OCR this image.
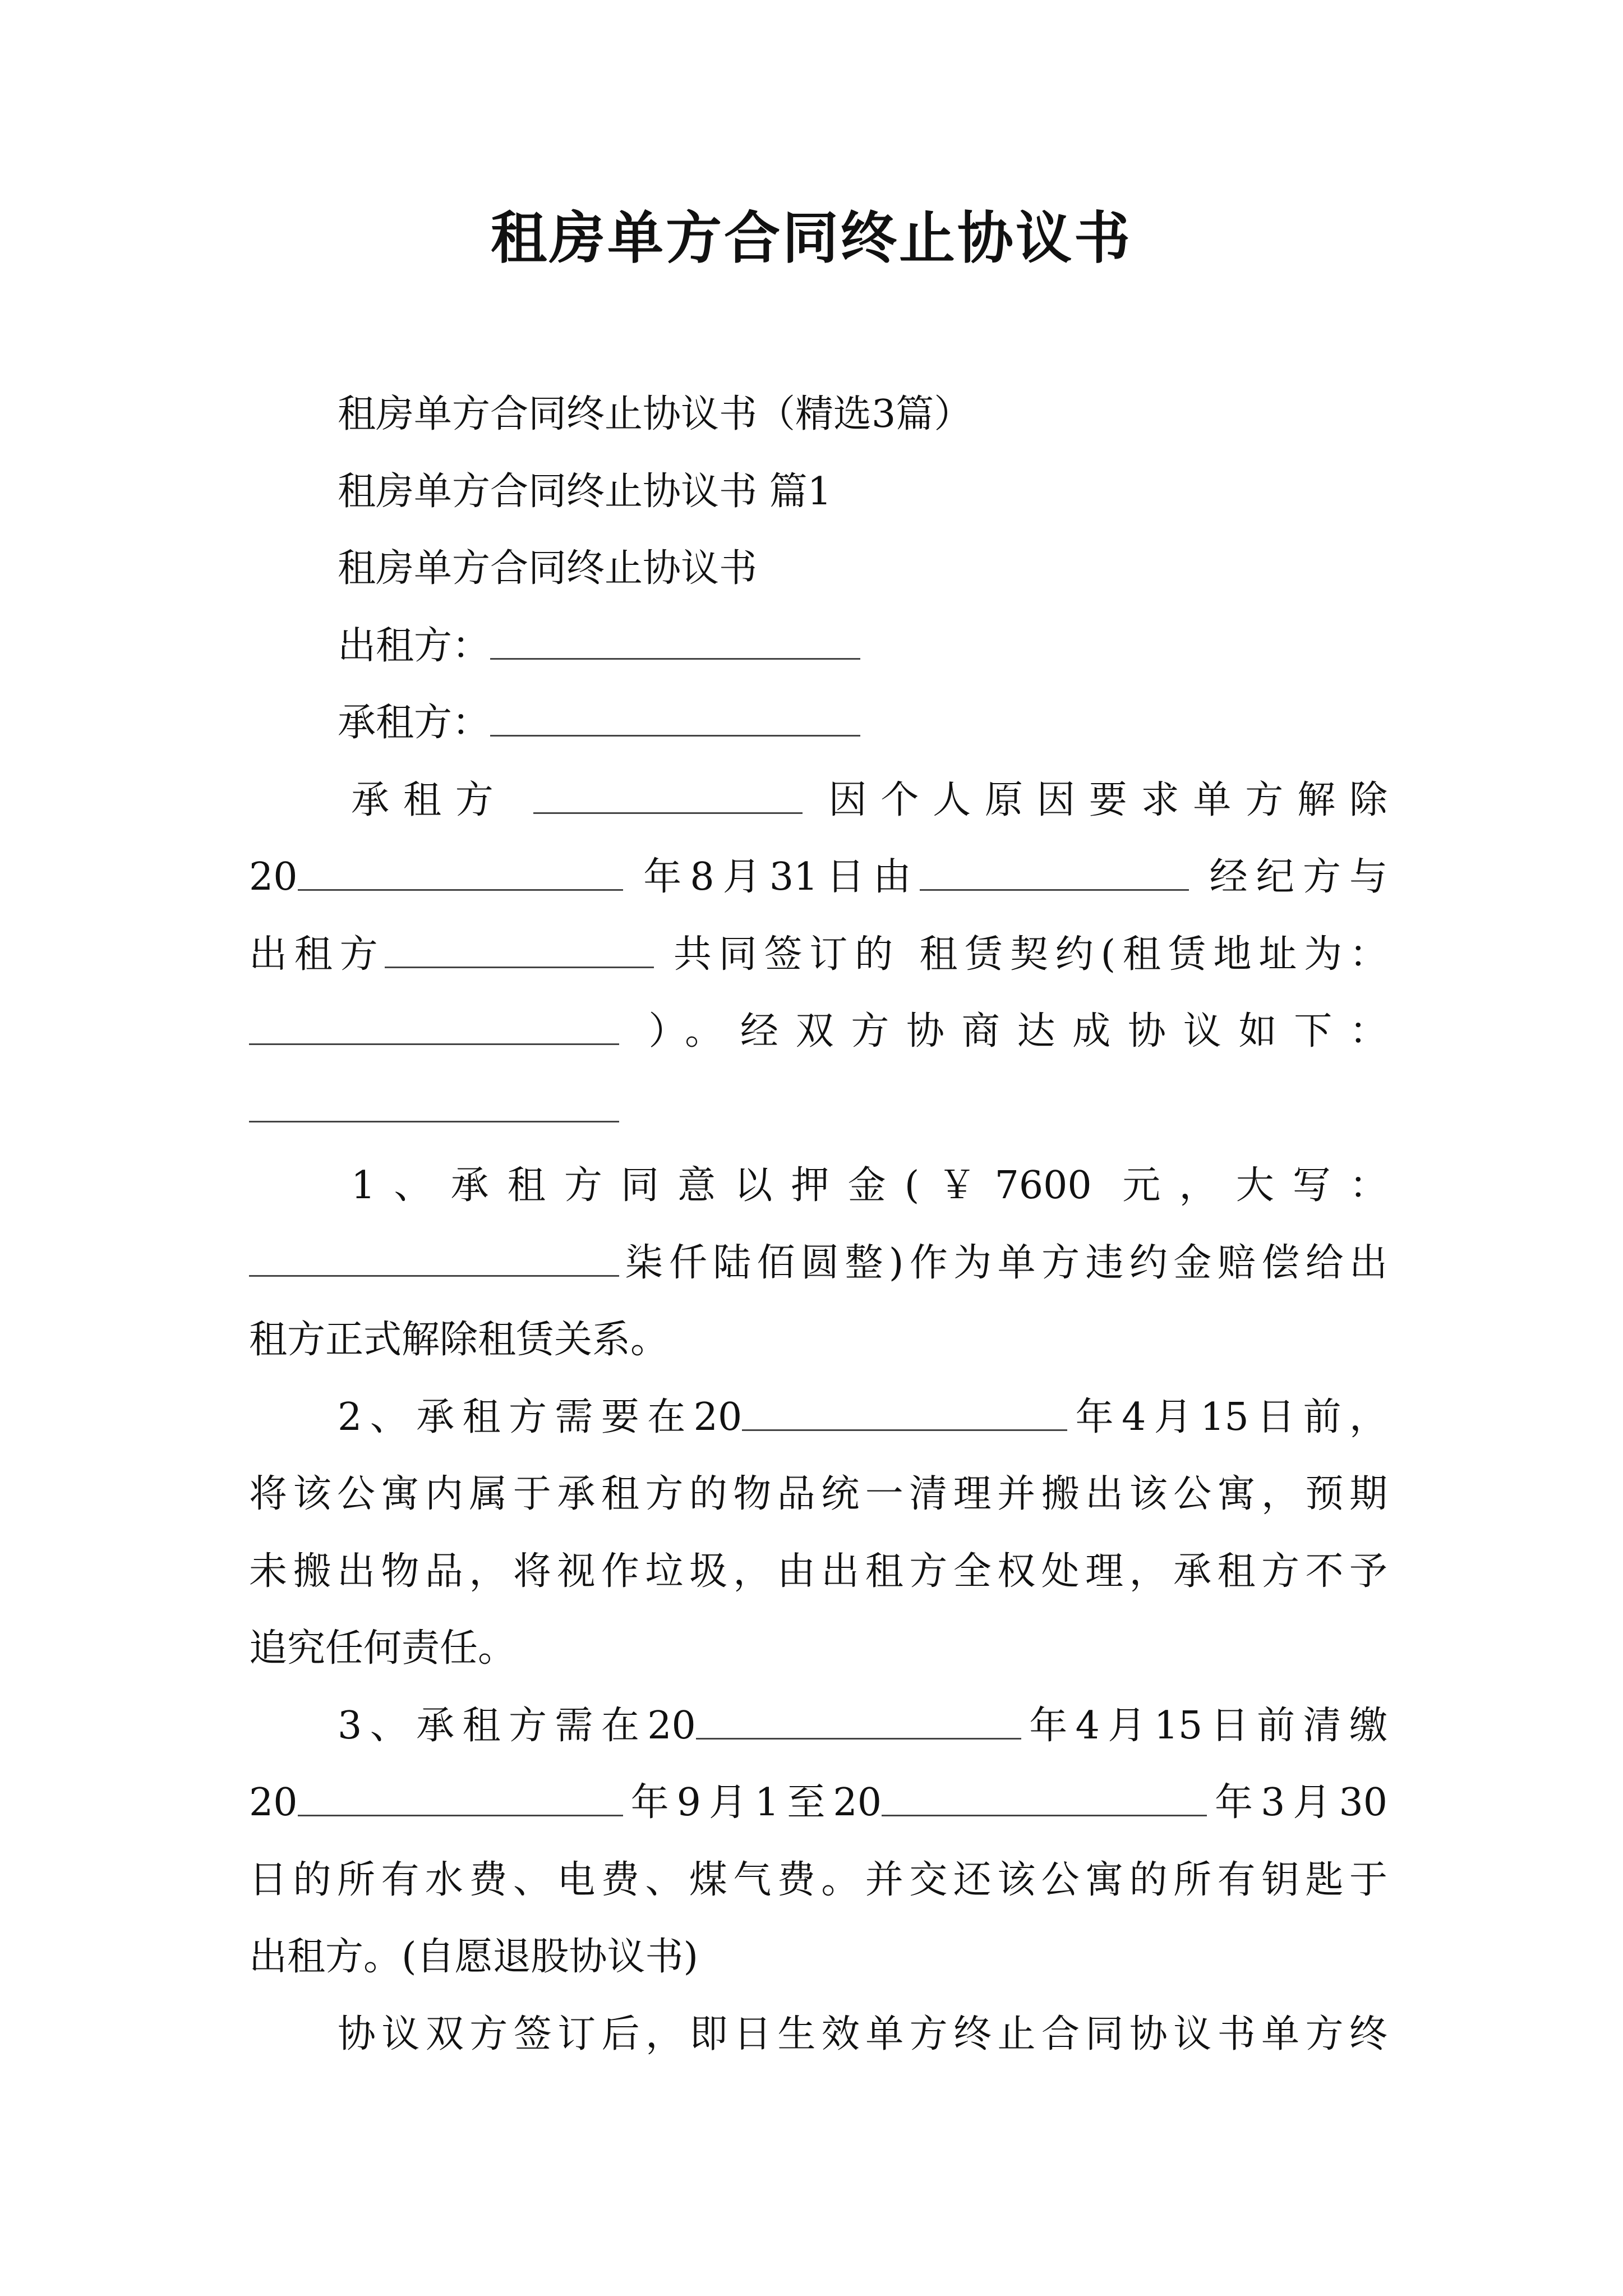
租房单方合同终止协议书
租房单方合同终止协议书（精选3篇）
租房单方合同终止协议书 篇1
租房单方合同终止协议书
出租方：
承租方：
承租方	因个人原因要求单方解除
20	年8月31日由	经纪方与
出租方	共同签订的 租赁契约(租赁地址为：
）。经双方协商达成协议如下：
1、承租方同意以押金(￥7600 元，大写：
柒仟陆佰圆整)作为单方违约金赔偿给出
租方正式解除租赁关系。
2、承租方需要在20	年4月15日前，
将该公寓内属于承租方的物品统一清理并搬出该公寓，预期
未搬出物品，将视作垃圾，由出租方全权处理，承租方不予
追究任何责任。
3、承租方需在20	年4月15日前清缴
20	年9月1至20	年3月30
日的所有水费、电费、煤气费。并交还该公寓的所有钥匙于
出租方。(自愿退股协议书)
协议双方签订后，即日生效单方终止合同协议书单方终
